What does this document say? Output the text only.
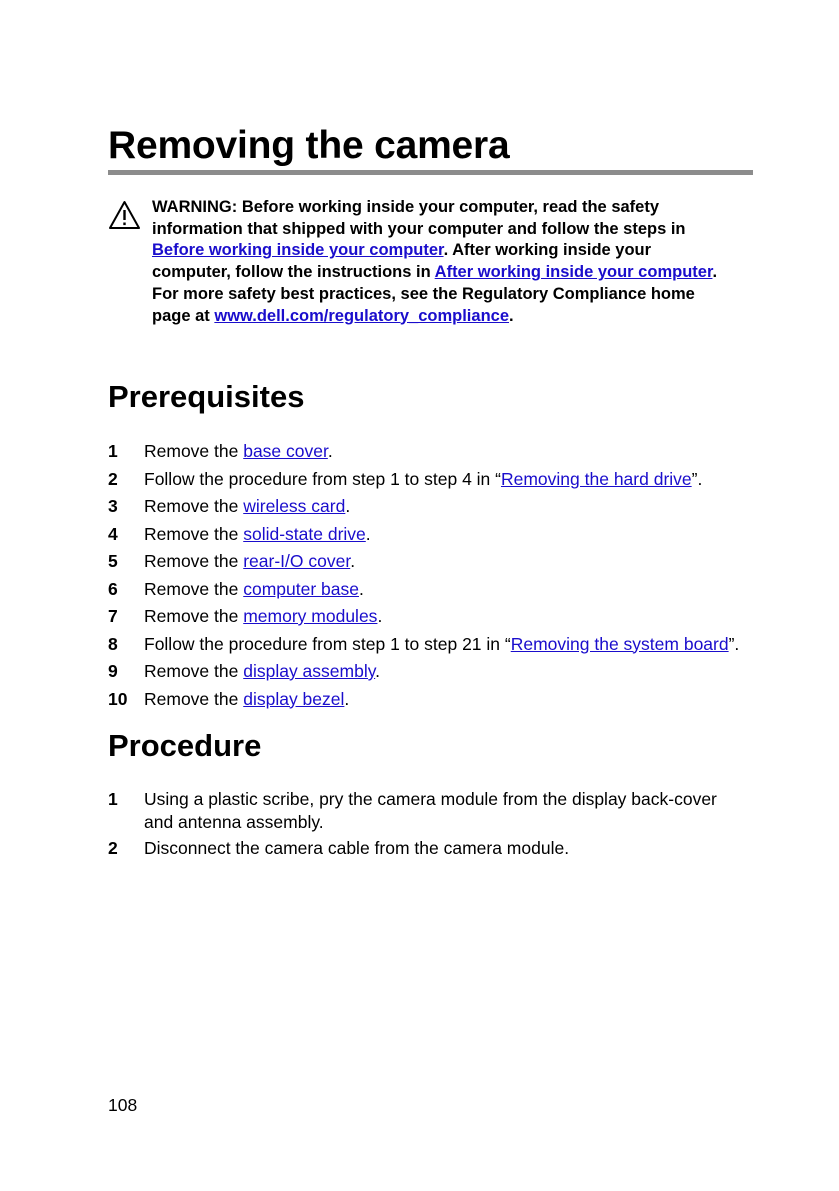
Removing the camera
WARNING: Before working inside your computer, read the safety
information that shipped with your computer and follow the steps in
Before working inside your computer. After working inside your
computer, follow the instructions in After working inside your computer.
For more safety best practices, see the Regulatory Compliance home
page at www.dell.com/regulatory_compliance.
Prerequisites
1 Remove the base cover.
2 Follow the procedure from step 1 to step 4 in “Removing the hard drive”.
3 Remove the wireless card.
4 Remove the solid-state drive.
5 Remove the rear-I/O cover.
6 Remove the computer base.
7 Remove the memory modules.
8 Follow the procedure from step 1 to step 21 in “Removing the system board”.
9 Remove the display assembly.
10 Remove the display bezel.
Procedure
1 Using a plastic scribe, pry the camera module from the display back-cover
and antenna assembly.
2 Disconnect the camera cable from the camera module.
108
